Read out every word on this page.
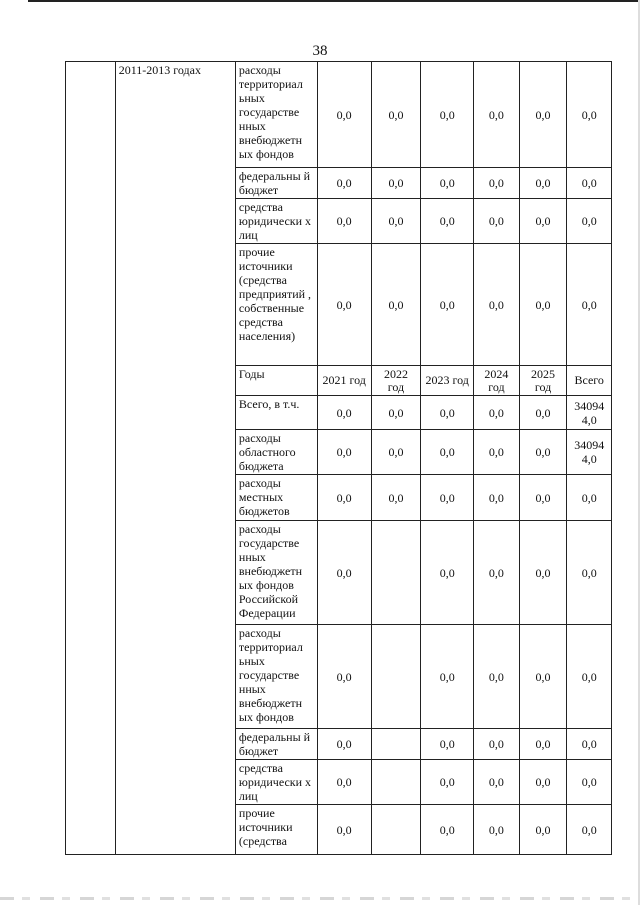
38
	2011-2013 годах	расходы территориал ьных государстве нных внебюджетн ых фондов	0,0	0,0	0,0	0,0	0,0	0,0
		федеральны й бюджет	0,0	0,0	0,0	0,0	0,0	0,0
		средства юридически х лиц	0,0	0,0	0,0	0,0	0,0	0,0
		прочие источники (средства предприятий , собственные средства населения)	0,0	0,0	0,0	0,0	0,0	0,0
		Годы	2021 год	2022 год	2023 год	2024 год	2025 год	Всего
		Всего, в т.ч.	0,0	0,0	0,0	0,0	0,0	34094 4,0
		расходы областного бюджета	0,0	0,0	0,0	0,0	0,0	34094 4,0
		расходы местных бюджетов	0,0	0,0	0,0	0,0	0,0	0,0
		расходы государстве нных внебюджетн ых фондов Российской Федерации	0,0		0,0	0,0	0,0	0,0
		расходы территориал ьных государстве нных внебюджетн ых фондов	0,0		0,0	0,0	0,0	0,0
		федеральны й бюджет	0,0		0,0	0,0	0,0	0,0
		средства юридически х лиц	0,0		0,0	0,0	0,0	0,0
		прочие источники (средства	0,0		0,0	0,0	0,0	0,0
